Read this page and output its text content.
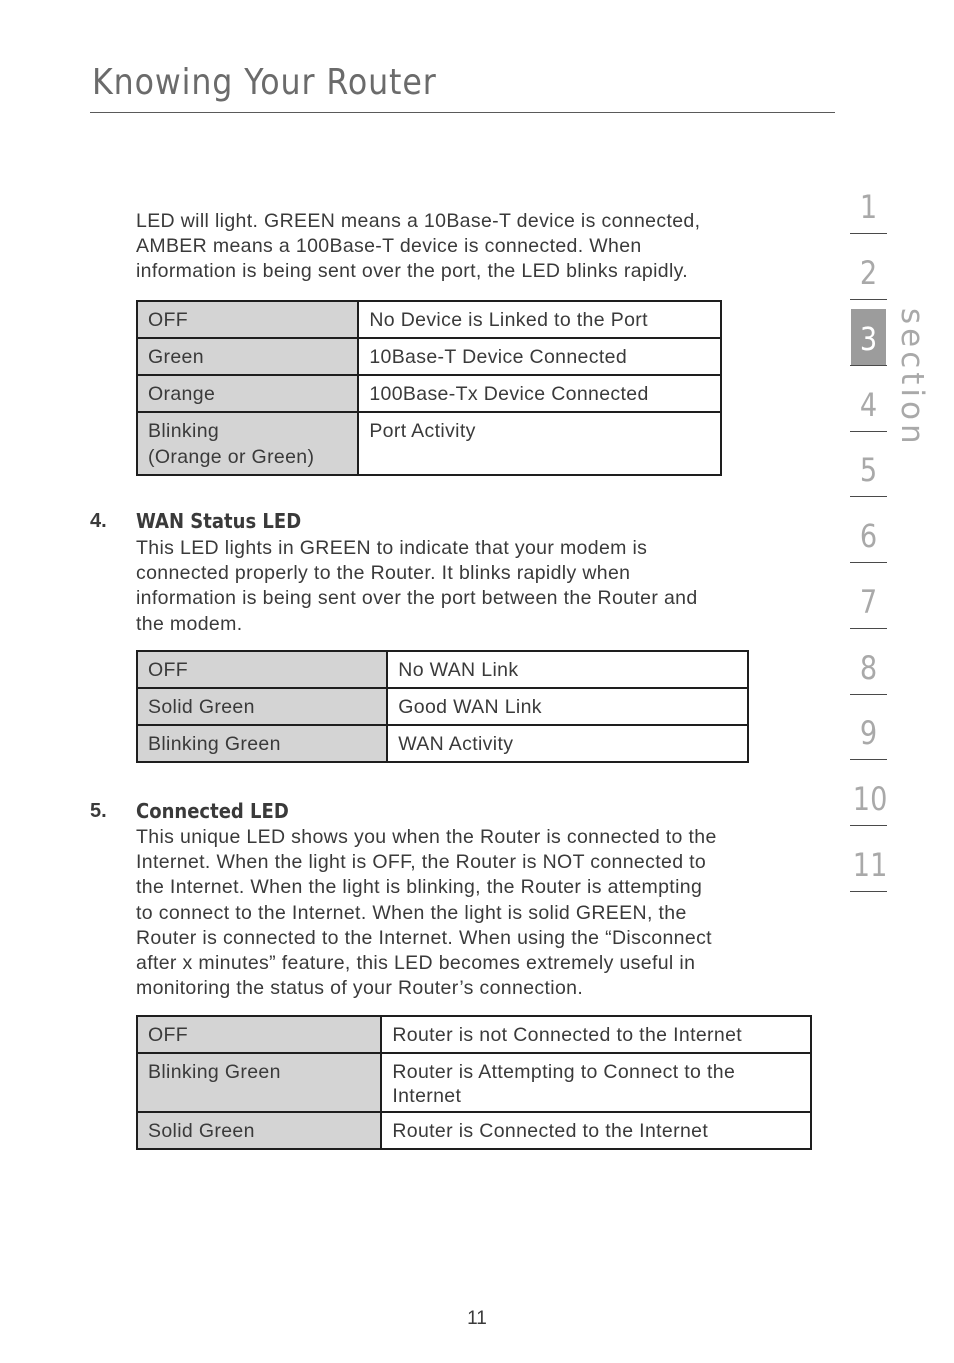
Knowing Your Router

LED will light. GREEN means a 10Base-T device is connected,
AMBER means a 100Base-T device is connected. When
information is being sent over the port, the LED blinks rapidly.

OFF	No Device is Linked to the Port
Green	10Base-T Device Connected
Orange	100Base-Tx Device Connected

Blinking
(Orange or Green)	Port Activity
4. WAN Status LED

This LED lights in GREEN to indicate that your modem is
connected properly to the Router. It blinks rapidly when
information is being sent over the port between the Router and
the modem.

OFF	No WAN Link
Solid Green	Good WAN Link
Blinking Green	WAN Activity
5. Connected LED

This unique LED shows you when the Router is connected to the
Internet. When the light is OFF, the Router is NOT connected to
the Internet. When the light is blinking, the Router is attempting
to connect to the Internet. When the light is solid GREEN, the
Router is connected to the Internet. When using the “Disconnect
after x minutes” feature, this LED becomes extremely useful in
monitoring the status of your Router’s connection.

OFF	Router is not Connected to the Internet
Blinking Green	Router is Attempting to Connect to the
Internet

Solid Green	Router is Connected to the Internet
1
2
3
4
5
6
7
8
9
10
11
section
11
